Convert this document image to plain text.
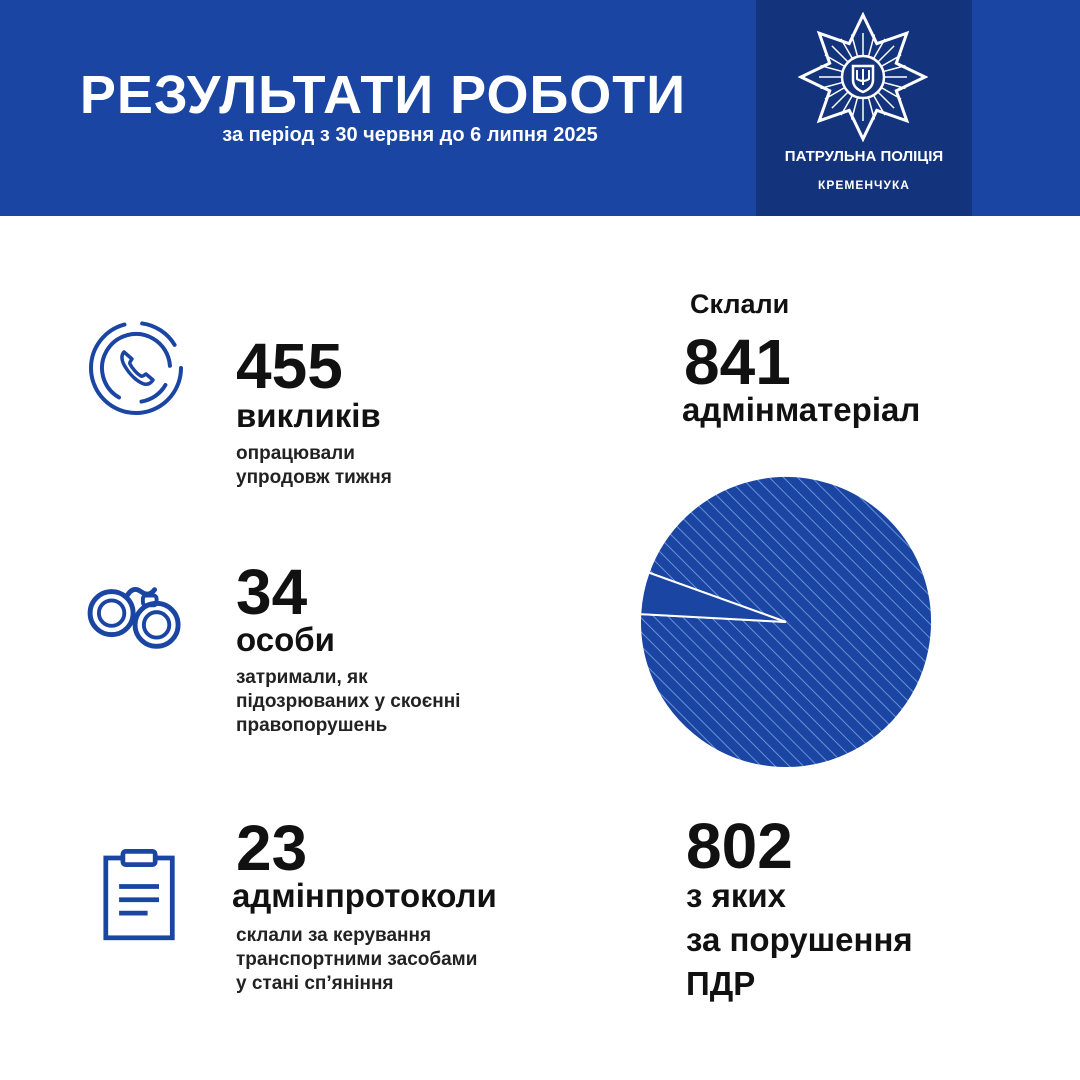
РЕЗУЛЬТАТИ РОБОТИ
за період з 30 червня до 6 липня 2025
ПАТРУЛЬНА ПОЛІЦІЯ
КРЕМЕНЧУКА
455
викликів
опрацювали
упродовж тижня
34
особи
затримали, як
підозрюваних у скоєнні
правопорушень
23
адмінпротоколи
склали за керування
транспортними засобами
у стані сп’яніння
Склали
841
адмінматеріал
802
з яких
за порушення
ПДР
